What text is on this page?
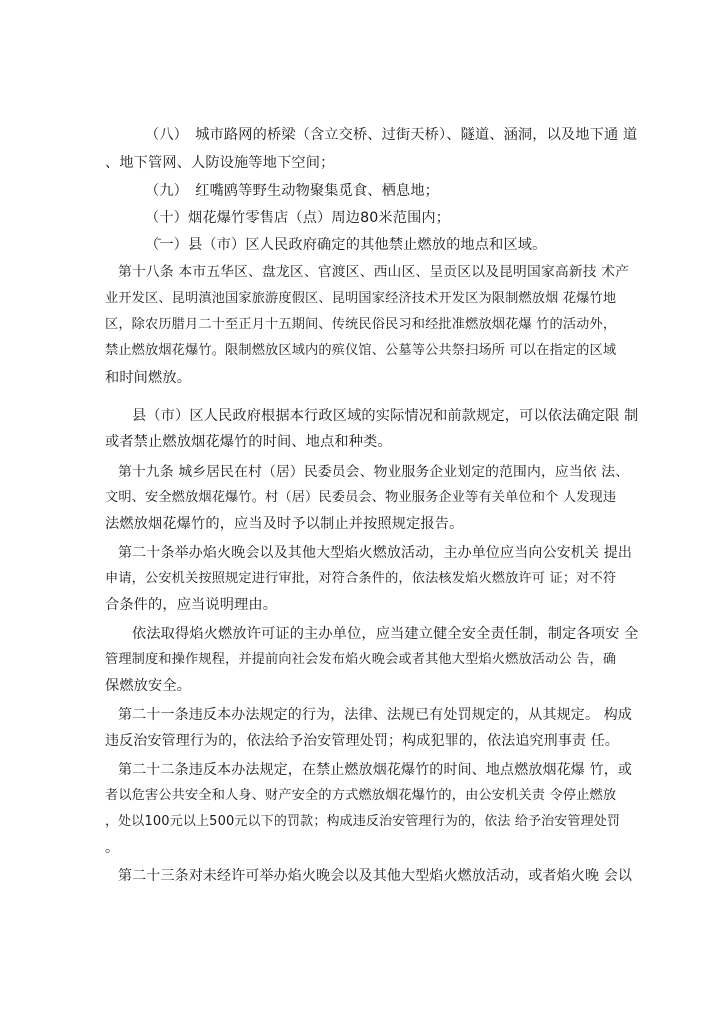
（八）　城市路网的桥梁（含立交桥、过街天桥）、隧道、涵洞，以及地下通 道
、地下管网、人防设施等地下空间；
（九）　红嘴鸥等野生动物聚集觅食、栖息地；
（十）烟花爆竹零售店（点）周边80米范围内；
（̄一）县（市）区人民政府确定的其他禁止燃放的地点和区域。
第十八条 本市五华区、盘龙区、官渡区、西山区、呈贡区以及昆明国家高新技 术产
业开发区、昆明滇池国家旅游度假区、昆明国家经济技术开发区为限制燃放烟 花爆竹地
区，除农历腊月二十至正月十五期间、传统民俗民习和经批准燃放烟花爆 竹的活动外，
禁止燃放烟花爆竹。限制燃放区域内的殡仪馆、公墓等公共祭扫场所 可以在指定的区域
和时间燃放。
县（市）区人民政府根据本行政区域的实际情况和前款规定，可以依法确定限 制
或者禁止燃放烟花爆竹的时间、地点和种类。
第十九条 城乡居民在村（居）民委员会、物业服务企业划定的范围内，应当依 法、
文明、安全燃放烟花爆竹。村（居）民委员会、物业服务企业等有关单位和个 人发现违
法燃放烟花爆竹的，应当及时予以制止并按照规定报告。
第二十条举办焰火晚会以及其他大型焰火燃放活动，主办单位应当向公安机关 提出
申请，公安机关按照规定进行审批，对符合条件的，依法核发焰火燃放许可 证；对不符
合条件的，应当说明理由。
依法取得焰火燃放许可证的主办单位，应当建立健全安全责任制，制定各项安 全
管理制度和操作规程，并提前向社会发布焰火晚会或者其他大型焰火燃放活动公 告，确
保燃放安全。
第二十一条违反本办法规定的行为，法律、法规已有处罚规定的，从其规定。 构成
违反治安管理行为的，依法给予治安管理处罚；构成犯罪的，依法追究刑事责 任。
第二十二条违反本办法规定，在禁止燃放烟花爆竹的时间、地点燃放烟花爆 竹，或
者以危害公共安全和人身、财产安全的方式燃放烟花爆竹的，由公安机关责 令停止燃放
，处以100元以上500元以下的罚款；构成违反治安管理行为的，依法 给予治安管理处罚
。
第二十三条对未经许可举办焰火晚会以及其他大型焰火燃放活动，或者焰火晚 会以
